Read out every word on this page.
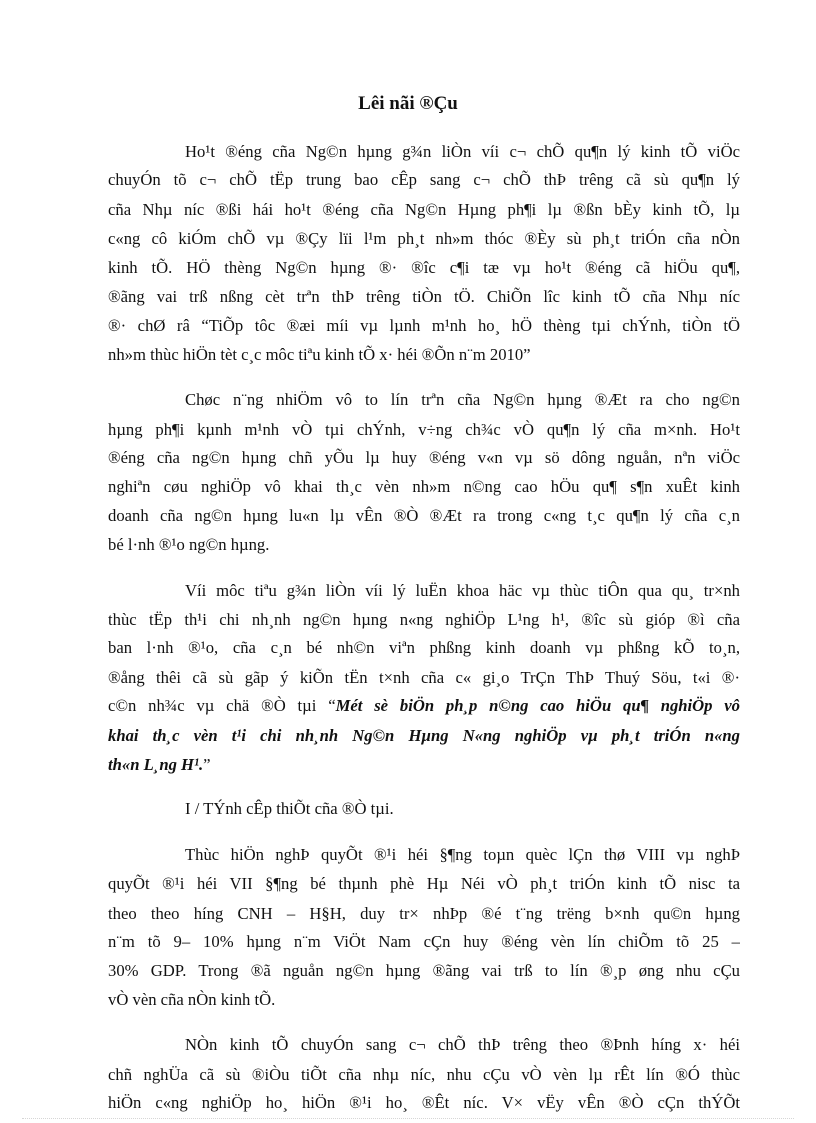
Lêi nãi ®Çu
Ho¹t ®éng cña Ng©n hµng g¾n liÒn víi c¬ chÕ qu¶n lý kinh tÕ viÖc
chuyÓn tõ c¬ chÕ tËp trung bao cÊp sang c¬ chÕ thÞ trêng cã sù qu¶n lý
cña Nhµ níc ®ßi hái ho¹t ®éng cña Ng©n Hµng ph¶i lµ ®ßn bÈy kinh tÕ, lµ
c«ng cô kiÓm chÕ vµ ®Çy lïi l¹m ph¸t nh»m thóc ®Èy sù ph¸t triÓn cña nÒn
kinh tÕ. HÖ thèng Ng©n hµng ®· ®îc c¶i tæ vµ ho¹t ®éng cã hiÖu qu¶,
®ãng vai trß nßng cèt trªn thÞ trêng tiÒn tÖ. ChiÕn lîc kinh tÕ cña Nhµ níc
®· chØ râ “TiÕp tôc ®æi míi vµ lµnh m¹nh ho¸ hÖ thèng tµi chÝnh, tiÒn tÖ
nh»m thùc hiÖn tèt c¸c môc tiªu kinh tÕ x· héi ®Õn n¨m 2010”
Chøc n¨ng nhiÖm vô to lín trªn cña Ng©n hµng ®Æt ra cho ng©n
hµng ph¶i kµnh m¹nh vÒ tµi chÝnh, v÷ng ch¾c vÒ qu¶n lý cña m×nh. Ho¹t
®éng cña ng©n hµng chñ yÕu lµ huy ®éng v«n vµ sö dông nguån, nªn viÖc
nghiªn cøu nghiÖp vô khai th¸c vèn nh»m n©ng cao hÖu qu¶ s¶n xuÊt kinh
doanh cña ng©n hµng lu«n lµ vÊn ®Ò ®Æt ra trong c«ng t¸c qu¶n lý cña c¸n
bé l·nh ®¹o ng©n hµng.
Víi môc tiªu g¾n liÒn víi lý luËn khoa häc vµ thùc tiÔn qua qu¸ tr×nh
thùc tËp th¹i chi nh¸nh ng©n hµng n«ng nghiÖp L¹ng h¹, ®îc sù gióp ®ì cña
ban l·nh ®¹o, cña c¸n bé nh©n viªn phßng kinh doanh vµ phßng kÕ to¸n,
®ång thêi cã sù gãp ý kiÕn tËn t×nh cña c« gi¸o TrÇn ThÞ Thuý Söu, t«i ®·
c©n nh¾c vµ chä ®Ò tµi “Mét sè biÖn ph¸p n©ng cao hiÖu qu¶ nghiÖp vô
khai th¸c vèn t¹i chi nh¸nh Ng©n Hµng N«ng nghiÖp vµ ph¸t triÓn n«ng
th«n L¸ng H¹.”
I / TÝnh cÊp thiÕt cña ®Ò tµi.
Thùc hiÖn nghÞ quyÕt ®¹i héi §¶ng toµn quèc lÇn thø VIII vµ nghÞ
quyÕt ®¹i héi VII §¶ng bé thµnh phè Hµ Néi vÒ ph¸t triÓn kinh tÕ nisc ta
theo theo híng CNH – H§H, duy tr× nhÞp ®é t¨ng trëng b×nh qu©n hµng
n¨m tõ 9– 10% hµng n¨m ViÖt Nam cÇn huy ®éng vèn lín chiÕm tõ 25 –
30% GDP. Trong ®ã nguån ng©n hµng ®ãng vai trß to lín ®¸p øng nhu cÇu
vÒ vèn cña nÒn kinh tÕ.
NÒn kinh tÕ chuyÓn sang c¬ chÕ thÞ trêng theo ®Þnh híng x· héi
chñ nghÜa cã sù ®iÒu tiÕt cña nhµ níc, nhu cÇu vÒ vèn lµ rÊt lín ®Ó thùc
hiÖn c«ng nghiÖp ho¸ hiÖn ®¹i ho¸ ®Êt níc. V× vËy vÊn ®Ò cÇn thÝÕt
